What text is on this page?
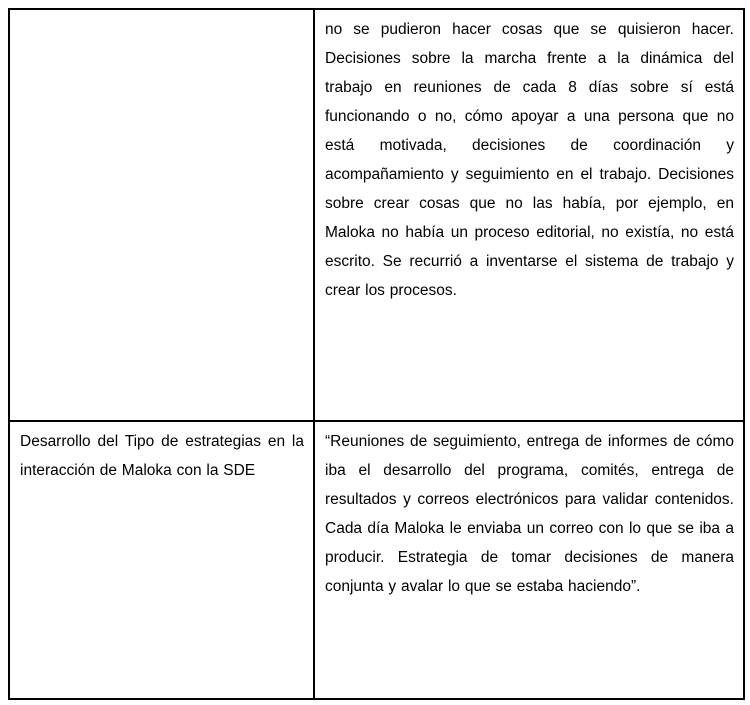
	no se pudieron hacer cosas que se quisieron hacer. Decisiones sobre la marcha frente a la dinámica del trabajo en reuniones de cada 8 días sobre sí está funcionando o no, cómo apoyar a una persona que no está motivada, decisiones de coordinación y acompañamiento y seguimiento en el trabajo. Decisiones sobre crear cosas que no las había, por ejemplo, en Maloka no había un proceso editorial, no existía, no está escrito. Se recurrió a inventarse el sistema de trabajo y crear los procesos.

Desarrollo del Tipo de estrategias en la interacción de Maloka con la SDE	“Reuniones de seguimiento, entrega de informes de cómo iba el desarrollo del programa, comités, entrega de resultados y correos electrónicos para validar contenidos. Cada día Maloka le enviaba un correo con lo que se iba a producir. Estrategia de tomar decisiones de manera conjunta y avalar lo que se estaba haciendo”.
